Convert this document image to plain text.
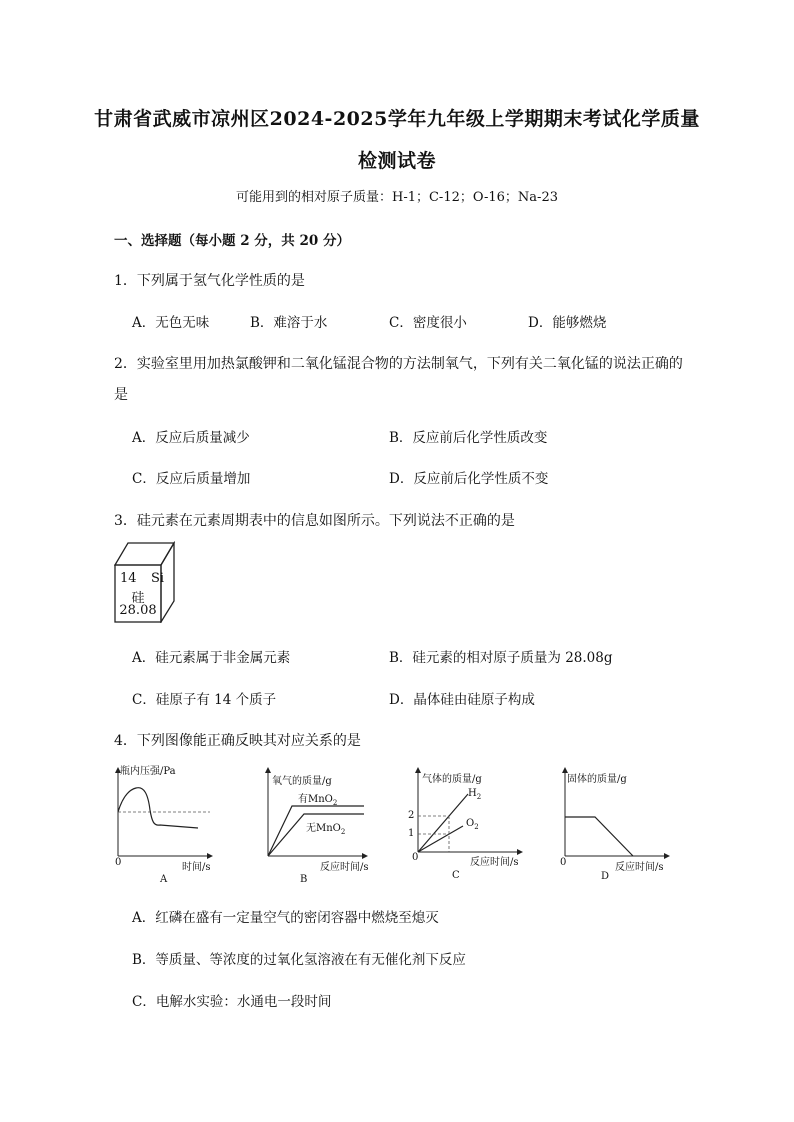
甘肃省武威市凉州区2024-2025学年九年级上学期期末考试化学质量
检测试卷
可能用到的相对原子质量：H-1；C-12；O-16；Na-23
一、选择题（每小题 2 分，共 20 分）
1．下列属于氢气化学性质的是
A．无色无味	B．难溶于水	C．密度很小	D．能够燃烧
2．实验室里用加热氯酸钾和二氧化锰混合物的方法制氧气，下列有关二氧化锰的说法正确的
是
A．反应后质量减少	B．反应前后化学性质改变
C．反应后质量增加	D．反应前后化学性质不变
3．硅元素在元素周期表中的信息如图所示。下列说法不正确的是
14 Si
硅
28.08
A．硅元素属于非金属元素	B．硅元素的相对原子质量为 28.08g
C．硅原子有 14 个质子	D．晶体硅由硅原子构成
4．下列图像能正确反映其对应关系的是
瓶内压强/Pa
0	时间/s
A
氧气的质量/g
有MnO$_2$
无MnO$_2$
反应时间/s
B
气体的质量/g
2
1
0
$H_2$
$O_2$
反应时间/s
C
固体的质量/g
0	反应时间/s
D
A．红磷在盛有一定量空气的密闭容器中燃烧至熄灭
B．等质量、等浓度的过氧化氢溶液在有无催化剂下反应
C．电解水实验：水通电一段时间
